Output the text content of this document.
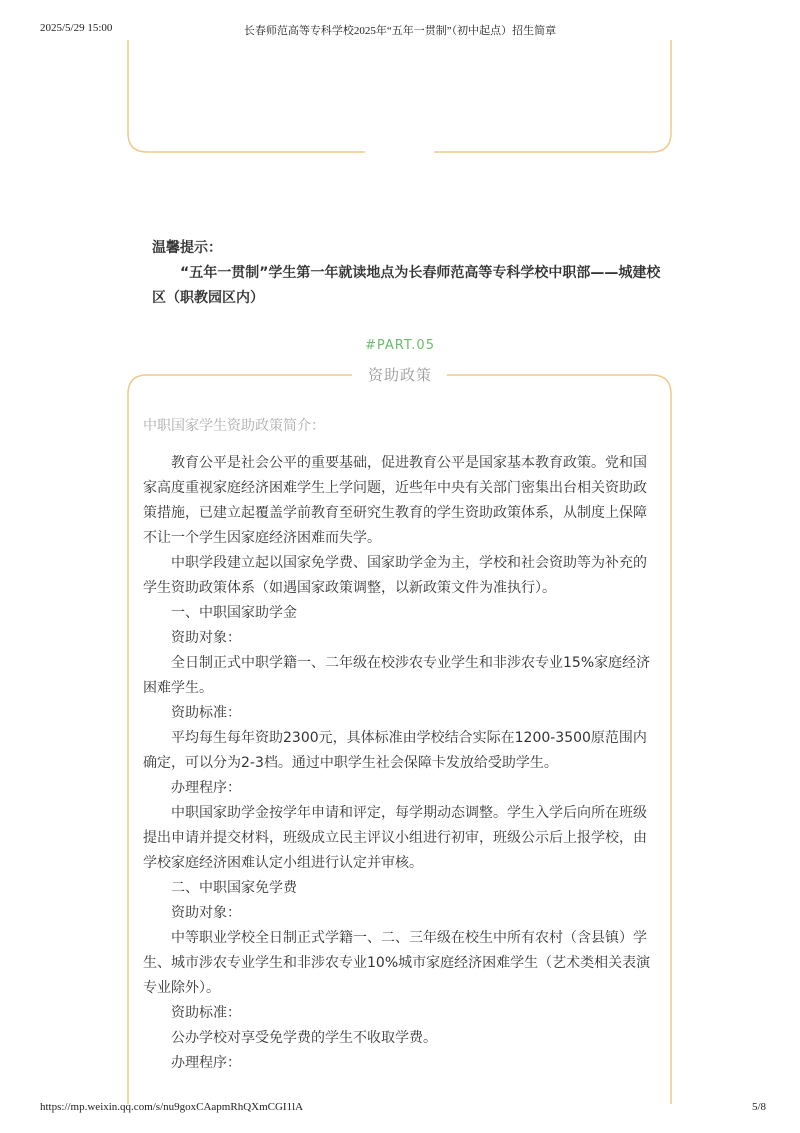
2025/5/29 15:00	长春师范高等专科学校2025年“五年一贯制”（初中起点）招生简章
温馨提示：
“五年一贯制”学生第一年就读地点为长春师范高等专科学校中职部——城建校区（职教园区内）
#PART.05
资助政策
中职国家学生资助政策简介：

教育公平是社会公平的重要基础，促进教育公平是国家基本教育政策。党和国家高度重视家庭经济困难学生上学问题，近些年中央有关部门密集出台相关资助政策措施，已建立起覆盖学前教育至研究生教育的学生资助政策体系，从制度上保障不让一个学生因家庭经济困难而失学。

中职学段建立起以国家免学费、国家助学金为主，学校和社会资助等为补充的学生资助政策体系（如遇国家政策调整，以新政策文件为准执行）。

一、中职国家助学金

资助对象：

全日制正式中职学籍一、二年级在校涉农专业学生和非涉农专业15%家庭经济困难学生。

资助标准：

平均每生每年资助2300元，具体标准由学校结合实际在1200-3500原范围内确定，可以分为2-3档。通过中职学生社会保障卡发放给受助学生。

办理程序：

中职国家助学金按学年申请和评定，每学期动态调整。学生入学后向所在班级提出申请并提交材料，班级成立民主评议小组进行初审，班级公示后上报学校，由学校家庭经济困难认定小组进行认定并审核。

二、中职国家免学费

资助对象：

中等职业学校全日制正式学籍一、二、三年级在校生中所有农村（含县镇）学生、城市涉农专业学生和非涉农专业10%城市家庭经济困难学生（艺术类相关表演专业除外）。

资助标准：

公办学校对享受免学费的学生不收取学费。

办理程序：

https://mp.weixin.qq.com/s/nu9goxCAapmRhQXmCGI1lA	5/8
